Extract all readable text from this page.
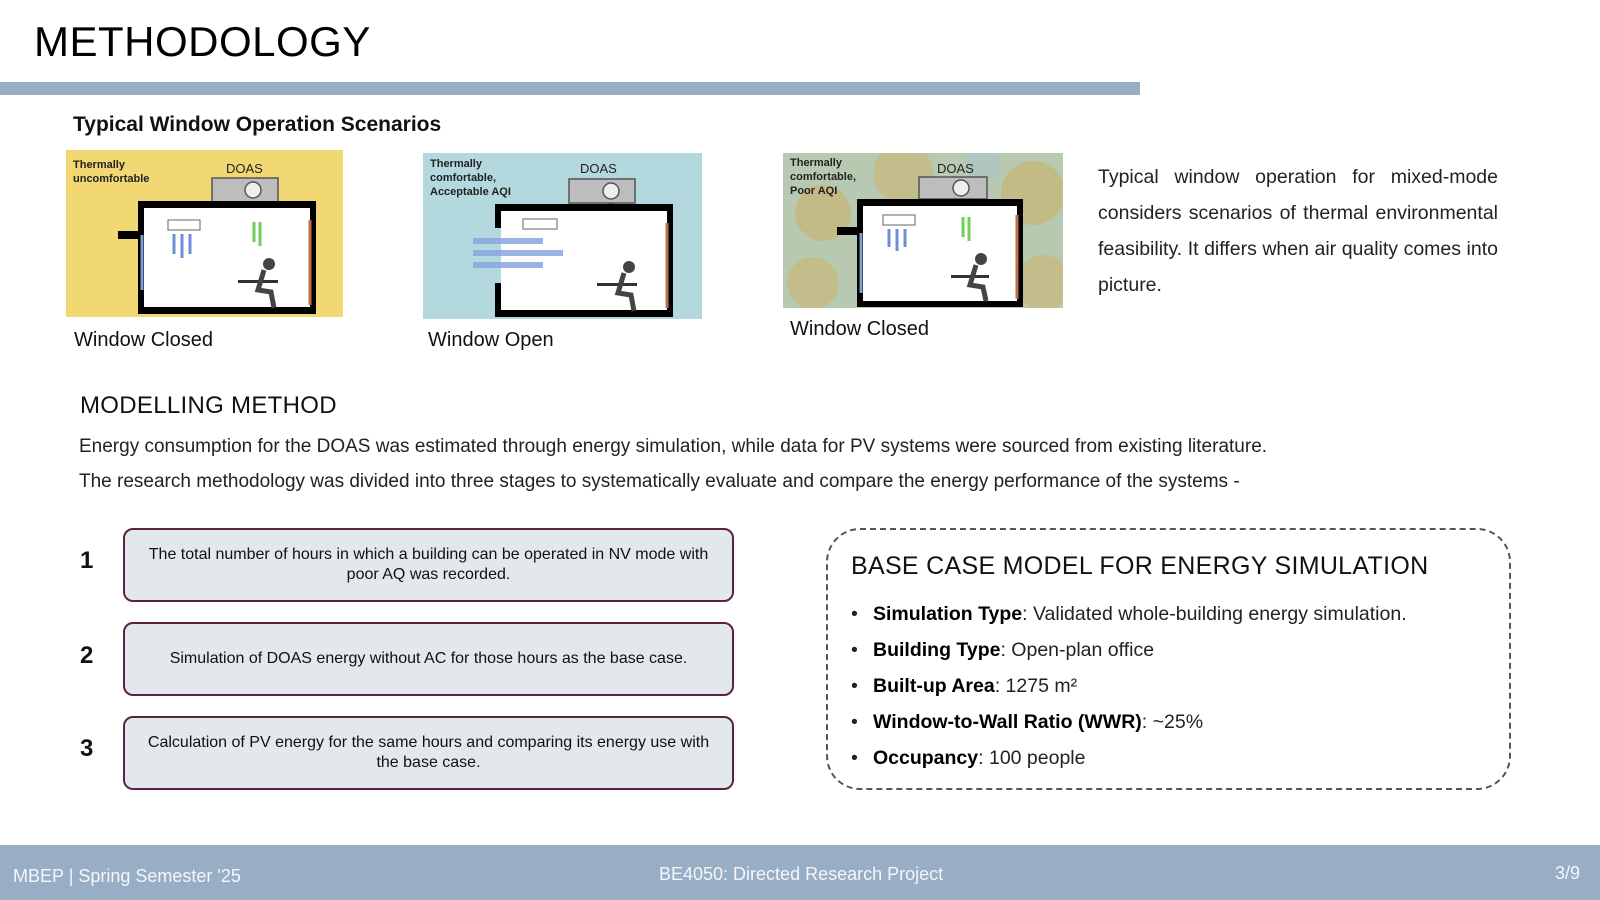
METHODOLOGY
Typical Window Operation Scenarios
Thermally
uncomfortable
DOAS
Window Closed
Thermally
comfortable,
Acceptable AQI
DOAS
Window Open
Thermally
comfortable,
Poor AQI
DOAS
Window Closed
Typical window operation for mixed-mode considers scenarios of thermal environmental feasibility. It differs when air quality comes into picture.
MODELLING METHOD
Energy consumption for the DOAS was estimated through energy simulation, while data for PV systems were sourced from existing literature.
The research methodology was divided into three stages to systematically evaluate and compare the energy performance of the systems -
1	The total number of hours in which a building can be operated in NV mode with poor AQ was recorded.
2	Simulation of DOAS energy without AC for those hours as the base case.
3	Calculation of PV energy for the same hours and comparing its energy use with the base case.
BASE CASE MODEL FOR ENERGY SIMULATION
• Simulation Type: Validated whole-building energy simulation.
• Building Type: Open-plan office
• Built-up Area: 1275 m²
• Window-to-Wall Ratio (WWR): ~25%
• Occupancy: 100 people
MBEP | Spring Semester '25	BE4050: Directed Research Project	3/9
